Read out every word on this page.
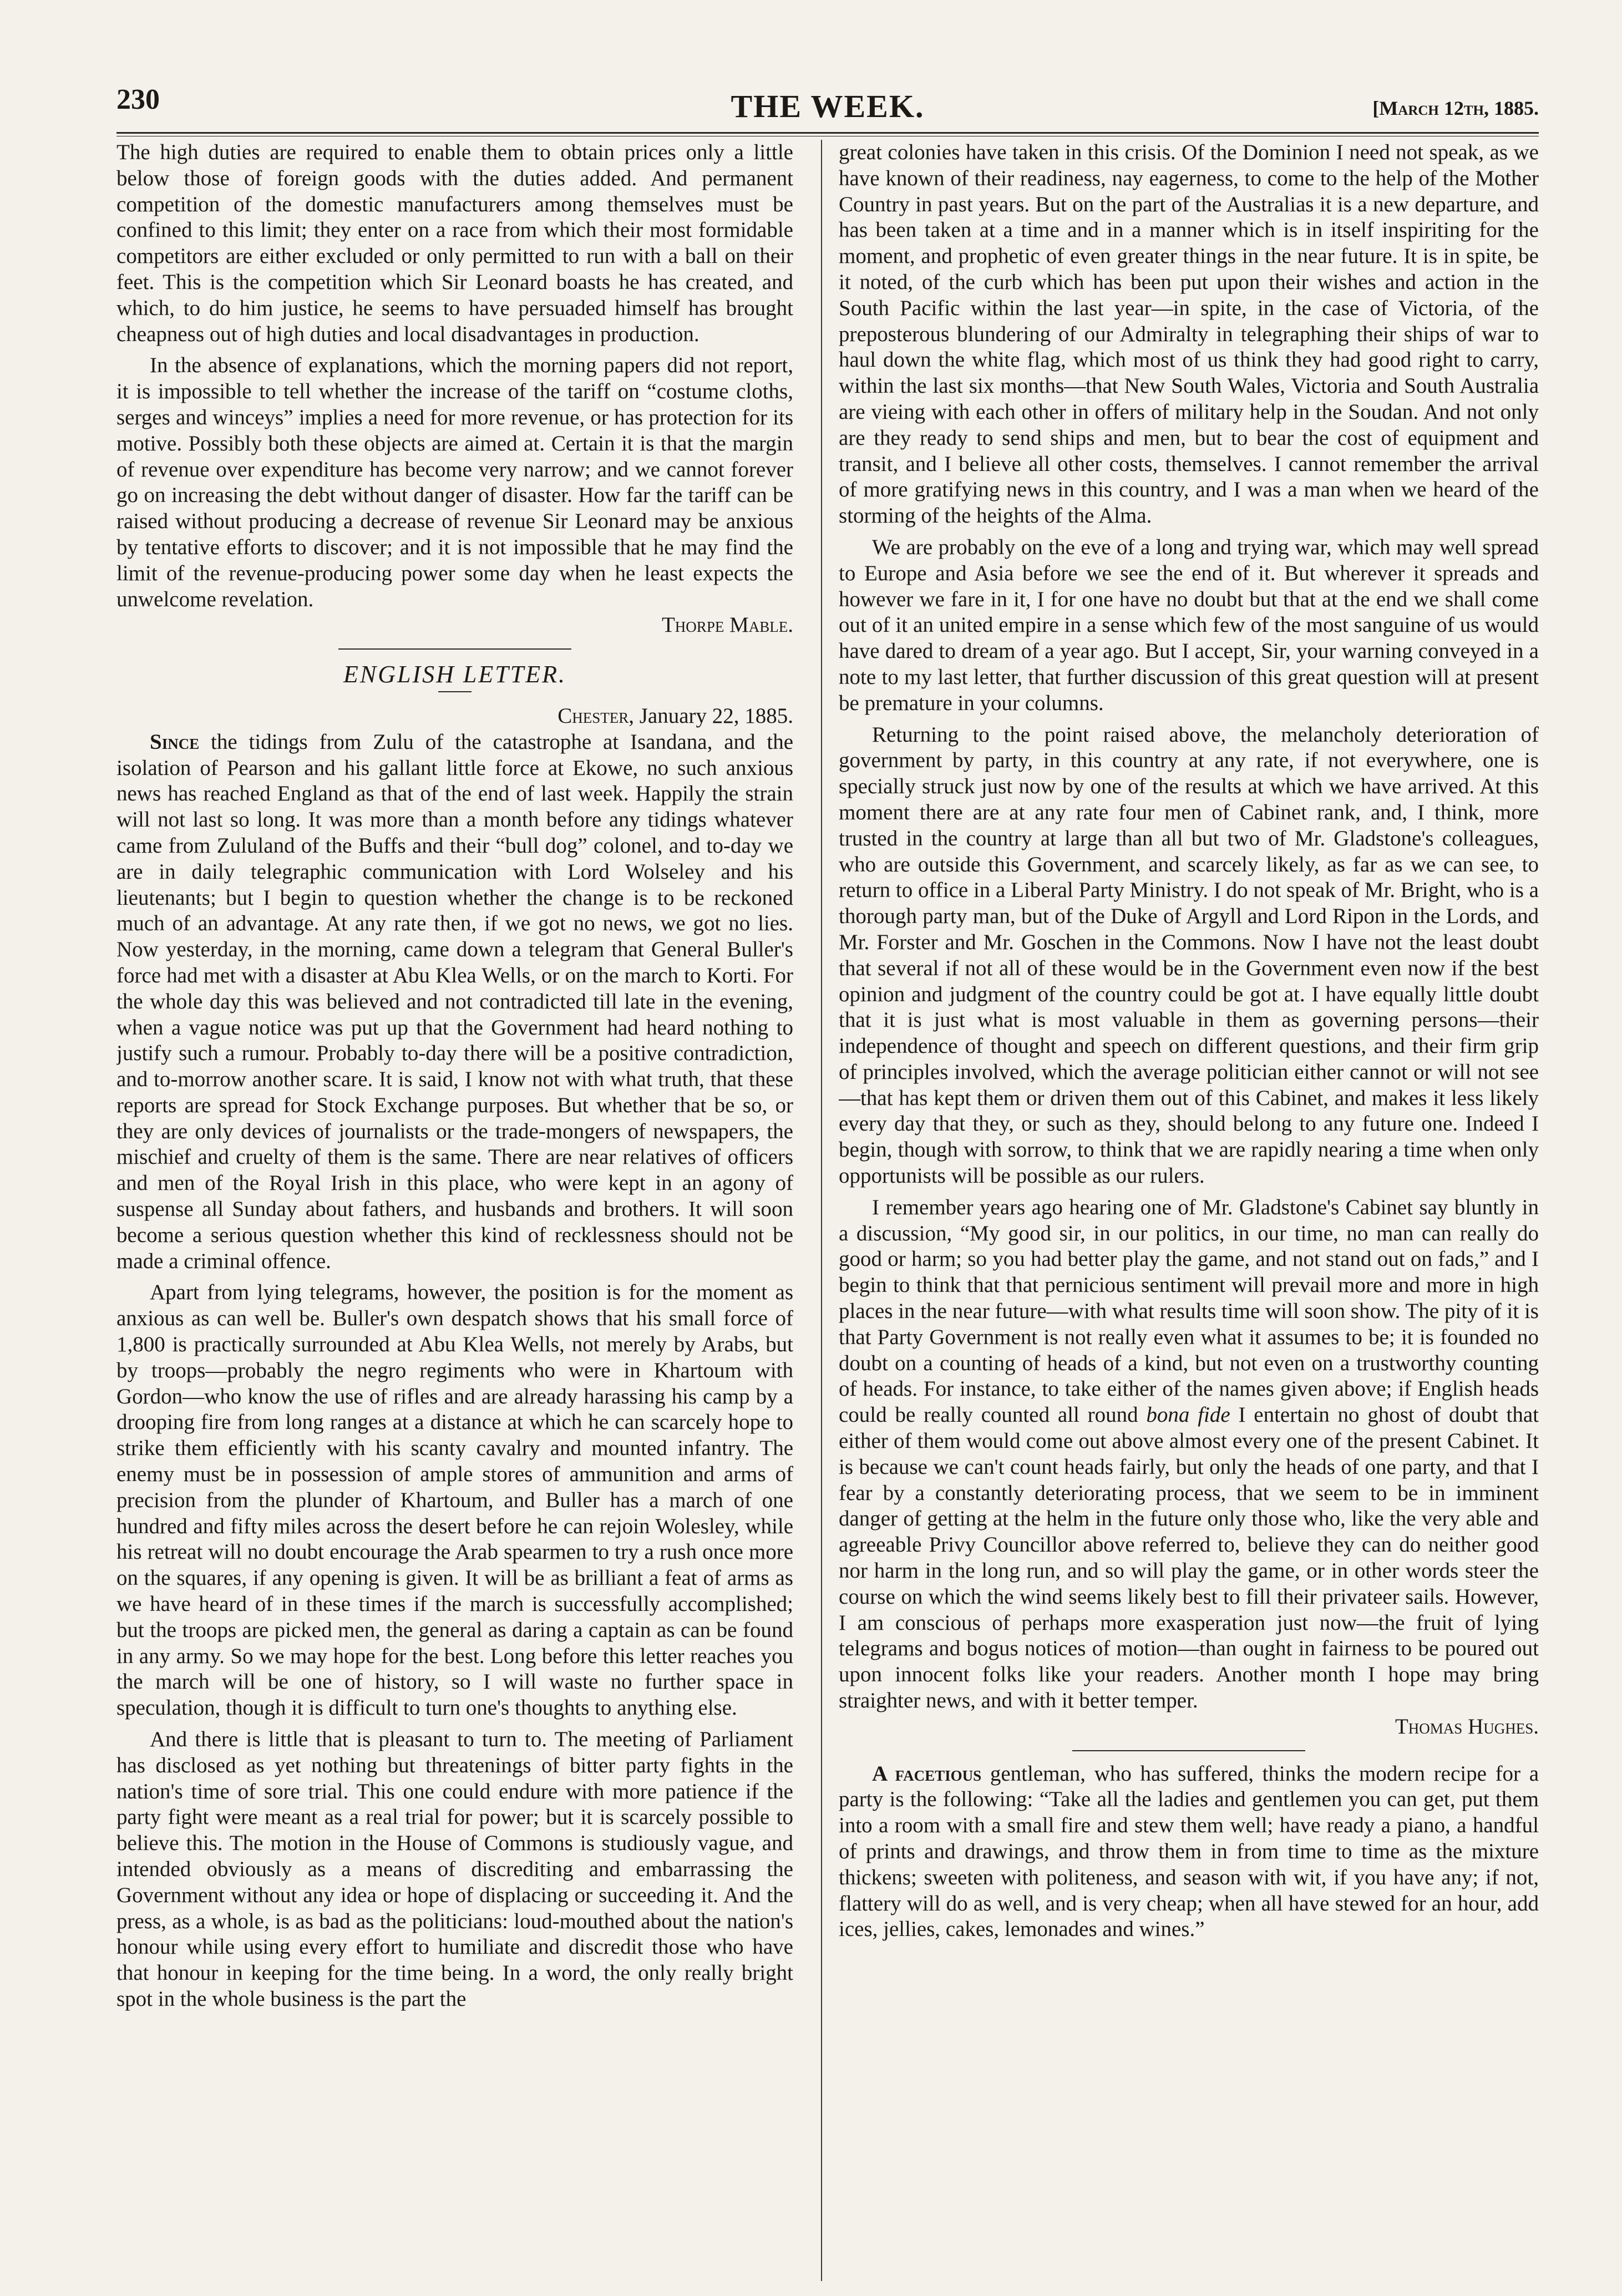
230	THE WEEK.	[March 12th, 1885.

The high duties are required to enable them to obtain prices only a little below those of foreign goods with the duties added. And permanent competition of the domestic manufacturers among themselves must be confined to this limit; they enter on a race from which their most formidable competitors are either excluded or only permitted to run with a ball on their feet. This is the competition which Sir Leonard boasts he has created, and which, to do him justice, he seems to have persuaded himself has brought cheapness out of high duties and local disadvantages in production.

In the absence of explanations, which the morning papers did not report, it is impossible to tell whether the increase of the tariff on “costume cloths, serges and winceys” implies a need for more revenue, or has protection for its motive. Possibly both these objects are aimed at. Certain it is that the margin of revenue over expenditure has become very narrow; and we cannot forever go on increasing the debt without danger of disaster. How far the tariff can be raised without producing a decrease of revenue Sir Leonard may be anxious by tentative efforts to discover; and it is not impossible that he may find the limit of the revenue-producing power some day when he least expects the unwelcome revelation.

Thorpe Mable.

ENGLISH LETTER.

Chester, January 22, 1885.

Since the tidings from Zulu of the catastrophe at Isandana, and the isolation of Pearson and his gallant little force at Ekowe, no such anxious news has reached England as that of the end of last week. Happily the strain will not last so long. It was more than a month before any tidings whatever came from Zululand of the Buffs and their “bull dog” colonel, and to-day we are in daily telegraphic communication with Lord Wolseley and his lieutenants; but I begin to question whether the change is to be reckoned much of an advantage. At any rate then, if we got no news, we got no lies. Now yesterday, in the morning, came down a telegram that General Buller's force had met with a disaster at Abu Klea Wells, or on the march to Korti. For the whole day this was believed and not contradicted till late in the evening, when a vague notice was put up that the Government had heard nothing to justify such a rumour. Probably to-day there will be a positive contradiction, and to-morrow another scare. It is said, I know not with what truth, that these reports are spread for Stock Exchange purposes. But whether that be so, or they are only devices of journalists or the trade-mongers of newspapers, the mischief and cruelty of them is the same. There are near relatives of officers and men of the Royal Irish in this place, who were kept in an agony of suspense all Sunday about fathers, and husbands and brothers. It will soon become a serious question whether this kind of recklessness should not be made a criminal offence.

Apart from lying telegrams, however, the position is for the moment as anxious as can well be. Buller's own despatch shows that his small force of 1,800 is practically surrounded at Abu Klea Wells, not merely by Arabs, but by troops—probably the negro regiments who were in Khartoum with Gordon—who know the use of rifles and are already harassing his camp by a drooping fire from long ranges at a distance at which he can scarcely hope to strike them efficiently with his scanty cavalry and mounted infantry. The enemy must be in possession of ample stores of ammunition and arms of precision from the plunder of Khartoum, and Buller has a march of one hundred and fifty miles across the desert before he can rejoin Wolesley, while his retreat will no doubt encourage the Arab spearmen to try a rush once more on the squares, if any opening is given. It will be as brilliant a feat of arms as we have heard of in these times if the march is successfully accomplished; but the troops are picked men, the general as daring a captain as can be found in any army. So we may hope for the best. Long before this letter reaches you the march will be one of history, so I will waste no further space in speculation, though it is difficult to turn one's thoughts to anything else.

And there is little that is pleasant to turn to. The meeting of Parliament has disclosed as yet nothing but threatenings of bitter party fights in the nation's time of sore trial. This one could endure with more patience if the party fight were meant as a real trial for power; but it is scarcely possible to believe this. The motion in the House of Commons is studiously vague, and intended obviously as a means of discrediting and embarrassing the Government without any idea or hope of displacing or succeeding it. And the press, as a whole, is as bad as the politicians: loud-mouthed about the nation's honour while using every effort to humiliate and discredit those who have that honour in keeping for the time being. In a word, the only really bright spot in the whole business is the part the

great colonies have taken in this crisis. Of the Dominion I need not speak, as we have known of their readiness, nay eagerness, to come to the help of the Mother Country in past years. But on the part of the Australias it is a new departure, and has been taken at a time and in a manner which is in itself inspiriting for the moment, and prophetic of even greater things in the near future. It is in spite, be it noted, of the curb which has been put upon their wishes and action in the South Pacific within the last year—in spite, in the case of Victoria, of the preposterous blundering of our Admiralty in telegraphing their ships of war to haul down the white flag, which most of us think they had good right to carry, within the last six months—that New South Wales, Victoria and South Australia are vieing with each other in offers of military help in the Soudan. And not only are they ready to send ships and men, but to bear the cost of equipment and transit, and I believe all other costs, themselves. I cannot remember the arrival of more gratifying news in this country, and I was a man when we heard of the storming of the heights of the Alma.

We are probably on the eve of a long and trying war, which may well spread to Europe and Asia before we see the end of it. But wherever it spreads and however we fare in it, I for one have no doubt but that at the end we shall come out of it an united empire in a sense which few of the most sanguine of us would have dared to dream of a year ago. But I accept, Sir, your warning conveyed in a note to my last letter, that further discussion of this great question will at present be premature in your columns.

Returning to the point raised above, the melancholy deterioration of government by party, in this country at any rate, if not everywhere, one is specially struck just now by one of the results at which we have arrived. At this moment there are at any rate four men of Cabinet rank, and, I think, more trusted in the country at large than all but two of Mr. Gladstone's colleagues, who are outside this Government, and scarcely likely, as far as we can see, to return to office in a Liberal Party Ministry. I do not speak of Mr. Bright, who is a thorough party man, but of the Duke of Argyll and Lord Ripon in the Lords, and Mr. Forster and Mr. Goschen in the Commons. Now I have not the least doubt that several if not all of these would be in the Government even now if the best opinion and judgment of the country could be got at. I have equally little doubt that it is just what is most valuable in them as governing persons—their independence of thought and speech on different questions, and their firm grip of principles involved, which the average politician either cannot or will not see—that has kept them or driven them out of this Cabinet, and makes it less likely every day that they, or such as they, should belong to any future one. Indeed I begin, though with sorrow, to think that we are rapidly nearing a time when only opportunists will be possible as our rulers.

I remember years ago hearing one of Mr. Gladstone's Cabinet say bluntly in a discussion, “My good sir, in our politics, in our time, no man can really do good or harm; so you had better play the game, and not stand out on fads,” and I begin to think that that pernicious sentiment will prevail more and more in high places in the near future—with what results time will soon show. The pity of it is that Party Government is not really even what it assumes to be; it is founded no doubt on a counting of heads of a kind, but not even on a trustworthy counting of heads. For instance, to take either of the names given above; if English heads could be really counted all round bona fide I entertain no ghost of doubt that either of them would come out above almost every one of the present Cabinet. It is because we can't count heads fairly, but only the heads of one party, and that I fear by a constantly deteriorating process, that we seem to be in imminent danger of getting at the helm in the future only those who, like the very able and agreeable Privy Councillor above referred to, believe they can do neither good nor harm in the long run, and so will play the game, or in other words steer the course on which the wind seems likely best to fill their privateer sails. However, I am conscious of perhaps more exasperation just now—the fruit of lying telegrams and bogus notices of motion—than ought in fairness to be poured out upon innocent folks like your readers. Another month I hope may bring straighter news, and with it better temper.

Thomas Hughes.

A facetious gentleman, who has suffered, thinks the modern recipe for a party is the following: “Take all the ladies and gentlemen you can get, put them into a room with a small fire and stew them well; have ready a piano, a handful of prints and drawings, and throw them in from time to time as the mixture thickens; sweeten with politeness, and season with wit, if you have any; if not, flattery will do as well, and is very cheap; when all have stewed for an hour, add ices, jellies, cakes, lemonades and wines.”
